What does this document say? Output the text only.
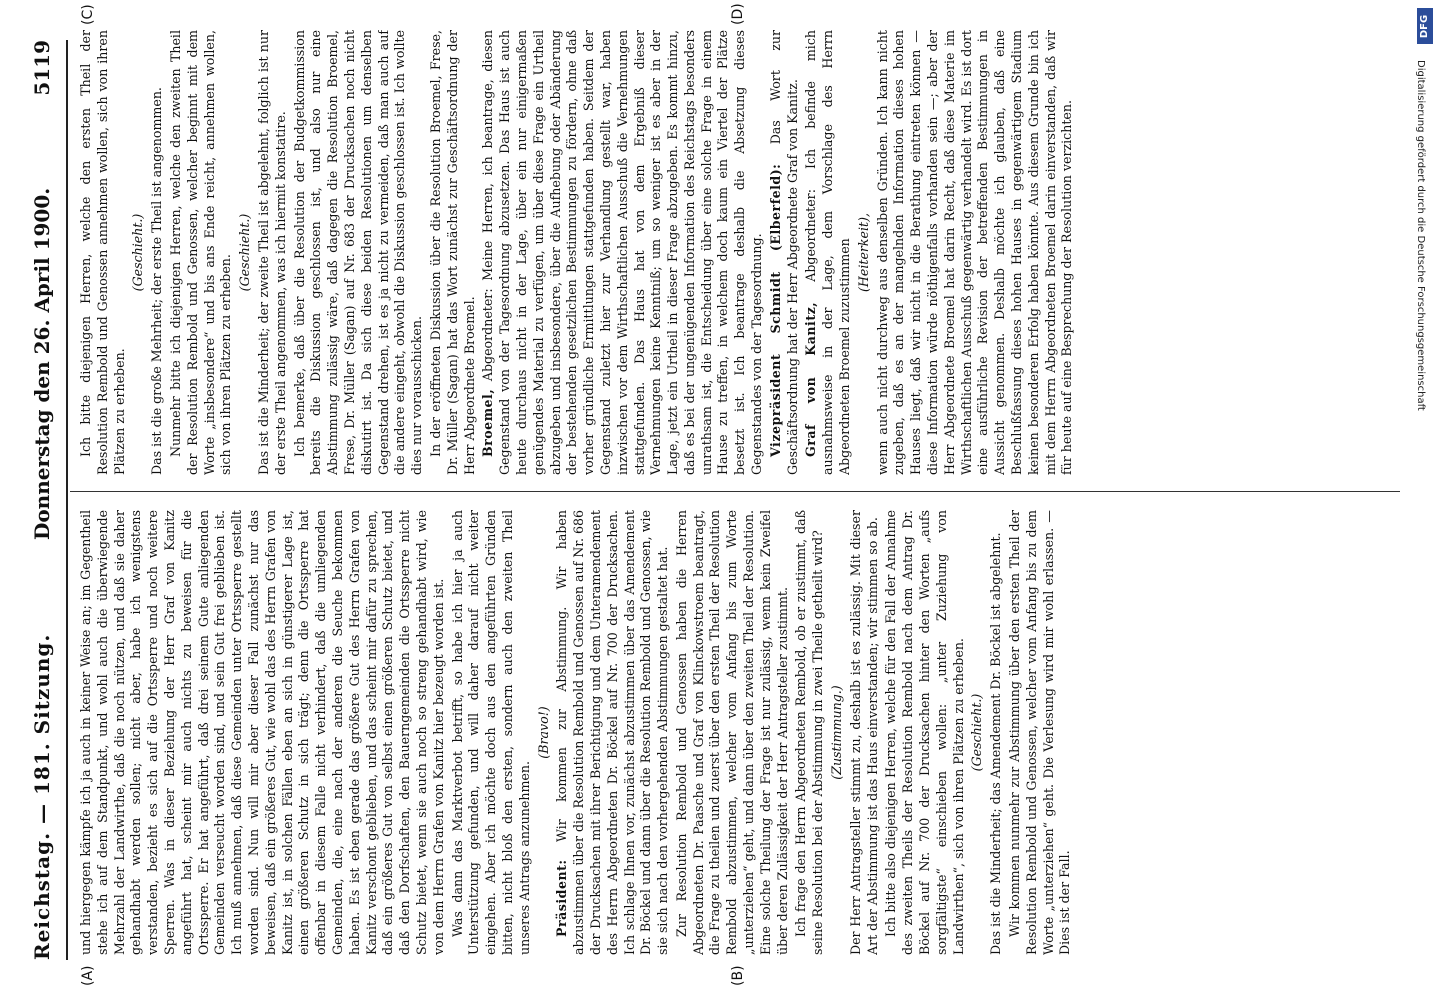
Reichstag. — 181. Sitzung.
Donnerstag den 26. April 1900.
5119
(A)	(B)
(C)	(D)

und hiergegen kämpfe ich ja auch in keiner Weise an; im Gegentheil stehe ich auf dem Standpunkt, und wohl auch die überwiegende Mehrzahl der Landwirthe, daß die noch nützen, und daß sie daher gehandhabt werden sollen; nicht aber, habe ich wenigstens verstanden, bezieht es sich auf die Ortssperre und noch weitere Sperren. Was in dieser Beziehung der Herr Graf von Kanitz angeführt hat, scheint mir auch nichts zu beweisen für die Ortssperre. Er hat angeführt, daß drei seinem Gute anliegenden Gemeinden verseucht worden sind, und sein Gut frei geblieben ist. Ich muß annehmen, daß diese Gemeinden unter Ortssperre gestellt worden sind. Nun will mir aber dieser Fall zunächst nur das beweisen, daß ein größeres Gut, wie wohl das des Herrn Grafen von Kanitz ist, in solchen Fällen eben an sich in günstigerer Lage ist, einen größeren Schutz in sich trägt; denn die Ortssperre hat offenbar in diesem Falle nicht verhindert, daß die umliegenden Gemeinden, die, eine nach der anderen die Seuche bekommen haben. Es ist eben gerade das größere Gut des Herrn Grafen von Kanitz verschont geblieben, und das scheint mir dafür zu sprechen, daß ein größeres Gut von selbst einen größeren Schutz bietet, und daß den Dorfschaften, den Bauerngemeinden die Ortssperre nicht Schutz bietet, wenn sie auch noch so streng gehandhabt wird, wie von dem Herrn Grafen von Kanitz hier bezeugt worden ist. Was dann das Marktverbot betrifft, so habe ich hier ja auch Unterstützung gefunden, und will daher darauf nicht weiter eingehen. Aber ich möchte doch aus den angeführten Gründen bitten, nicht bloß den ersten, sondern auch den zweiten Theil unseres Antrags anzunehmen.

(Bravo!)

Präsident: Wir kommen zur Abstimmung. Wir haben abzustimmen über die Resolution Rembold und Genossen auf Nr. 686 der Drucksachen mit ihrer Berichtigung und dem Unteramendement des Herrn Abgeordneten Dr. Böckel auf Nr. 700 der Drucksachen. Ich schlage Ihnen vor, zunächst abzustimmen über das Amendement Dr. Böckel und dann über die Resolution Rembold und Genossen, wie sie sich nach den vorhergehenden Abstimmungen gestaltet hat. Zur Resolution Rembold und Genossen haben die Herren Abgeordneten Dr. Paasche und Graf von Klinckowstroem beantragt, die Frage zu theilen und zuerst über den ersten Theil der Resolution Rembold abzustimmen, welcher vom Anfang bis zum Worte „unterziehen“ geht, und dann über den zweiten Theil der Resolution. Eine solche Theilung der Frage ist nur zulässig, wenn kein Zweifel über deren Zulässigkeit der Herr Antragsteller zustimmt. Ich frage den Herrn Abgeordneten Rembold, ob er zustimmt, daß seine Resolution bei der Abstimmung in zwei Theile getheilt wird? (Zustimmung.) Der Herr Antragsteller stimmt zu, deshalb ist es zulässig. Mit dieser Art der Abstimmung ist das Haus einverstanden; wir stimmen so ab. Ich bitte also diejenigen Herren, welche für den Fall der Annahme des zweiten Theils der Resolution Rembold nach dem Antrag Dr. Böckel auf Nr. 700 der Drucksachen hinter den Worten „aufs sorgfältigste“ einschieben wollen: „unter Zuziehung von Landwirthen“, sich von ihren Plätzen zu erheben. (Geschieht.) Das ist die Minderheit; das Amendement Dr. Böckel ist abgelehnt. Wir kommen nunmehr zur Abstimmung über den ersten Theil der Resolution Rembold und Genossen, welcher vom Anfang bis zu dem Worte „unterziehen“ geht. Die Verlesung wird mir wohl erlassen. — Dies ist der Fall.

Ich bitte diejenigen Herren, welche den ersten Theil der Resolution Rembold und Genossen annehmen wollen, sich von ihren Plätzen zu erheben.

(Geschieht.) Das ist die große Mehrheit; der erste Theil ist angenommen. Nunmehr bitte ich diejenigen Herren, welche den zweiten Theil der Resolution Rembold und Genossen, welcher beginnt mit dem Worte „insbesondere“ und bis ans Ende reicht, annehmen wollen, sich von ihren Plätzen zu erheben.

(Geschieht.) Das ist die Minderheit; der zweite Theil ist abgelehnt, folglich ist nur der erste Theil angenommen, was ich hiermit konstatire. Ich bemerke, daß über die Resolution der Budgetkommission bereits die Diskussion geschlossen ist, und also nur eine Abstimmung zulässig wäre, daß dagegen die Resolution Broemel, Frese, Dr. Müller (Sagan) auf Nr. 683 der Drucksachen noch nicht diskutirt ist. Da sich diese beiden Resolutionen um denselben Gegenstand drehen, ist es ja nicht zu vermeiden, daß man auch auf die andere eingeht, obwohl die Diskussion geschlossen ist. Ich wollte dies nur vorausschicken. In der eröffneten Diskussion über die Resolution Broemel, Frese, Dr. Müller (Sagan) hat das Wort zunächst zur Geschäftsordnung der Herr Abgeordnete Broemel. Broemel, Abgeordneter: Meine Herren, ich beantrage, diesen Gegenstand von der Tagesordnung abzusetzen. Das Haus ist auch heute durchaus nicht in der Lage, über ein nur einigermaßen genügendes Material zu verfügen, um über diese Frage ein Urtheil abzugeben und insbesondere, über die Aufhebung oder Abänderung der bestehenden gesetzlichen Bestimmungen zu fördern, ohne daß vorher gründliche Ermittlungen stattgefunden haben. Seitdem der Gegenstand zuletzt hier zur Verhandlung gestellt war, haben inzwischen vor dem Wirthschaftlichen Ausschuß die Vernehmungen stattgefunden. Das Haus hat von dem Ergebniß dieser Vernehmungen keine Kenntniß; um so weniger ist es aber in der Lage, jetzt ein Urtheil in dieser Frage abzugeben. Es kommt hinzu, daß es bei der ungenügenden Information des Reichstags besonders unrathsam ist, die Entscheidung über eine solche Frage in einem Hause zu treffen, in welchem doch kaum ein Viertel der Plätze besetzt ist. Ich beantrage deshalb die Absetzung dieses Gegenstandes von der Tagesordnung. Vizepräsident Schmidt (Elberfeld): Das Wort zur Geschäftsordnung hat der Herr Abgeordnete Graf von Kanitz. Graf von Kanitz, Abgeordneter: Ich befinde mich ausnahmsweise in der Lage, dem Vorschlage des Herrn Abgeordneten Broemel zuzustimmen (Heiterkeit), wenn auch nicht durchweg aus denselben Gründen. Ich kann nicht zugeben, daß es an der mangelnden Information dieses hohen Hauses liegt, daß wir nicht in die Berathung eintreten können — diese Information würde nöthigenfalls vorhanden sein —; aber der Herr Abgeordnete Broemel hat darin Recht, daß diese Materie im Wirthschaftlichen Ausschuß gegenwärtig verhandelt wird. Es ist dort eine ausführliche Revision der betreffenden Bestimmungen in Aussicht genommen. Deshalb möchte ich glauben, daß eine Beschlußfassung dieses hohen Hauses in gegenwärtigem Stadium keinen besonderen Erfolg haben könnte. Aus diesem Grunde bin ich mit dem Herrn Abgeordneten Broemel darin einverstanden, daß wir für heute auf eine Besprechung der Resolution verzichten.

DFG
Digitalisierung gefördert durch die Deutsche Forschungsgemeinschaft
